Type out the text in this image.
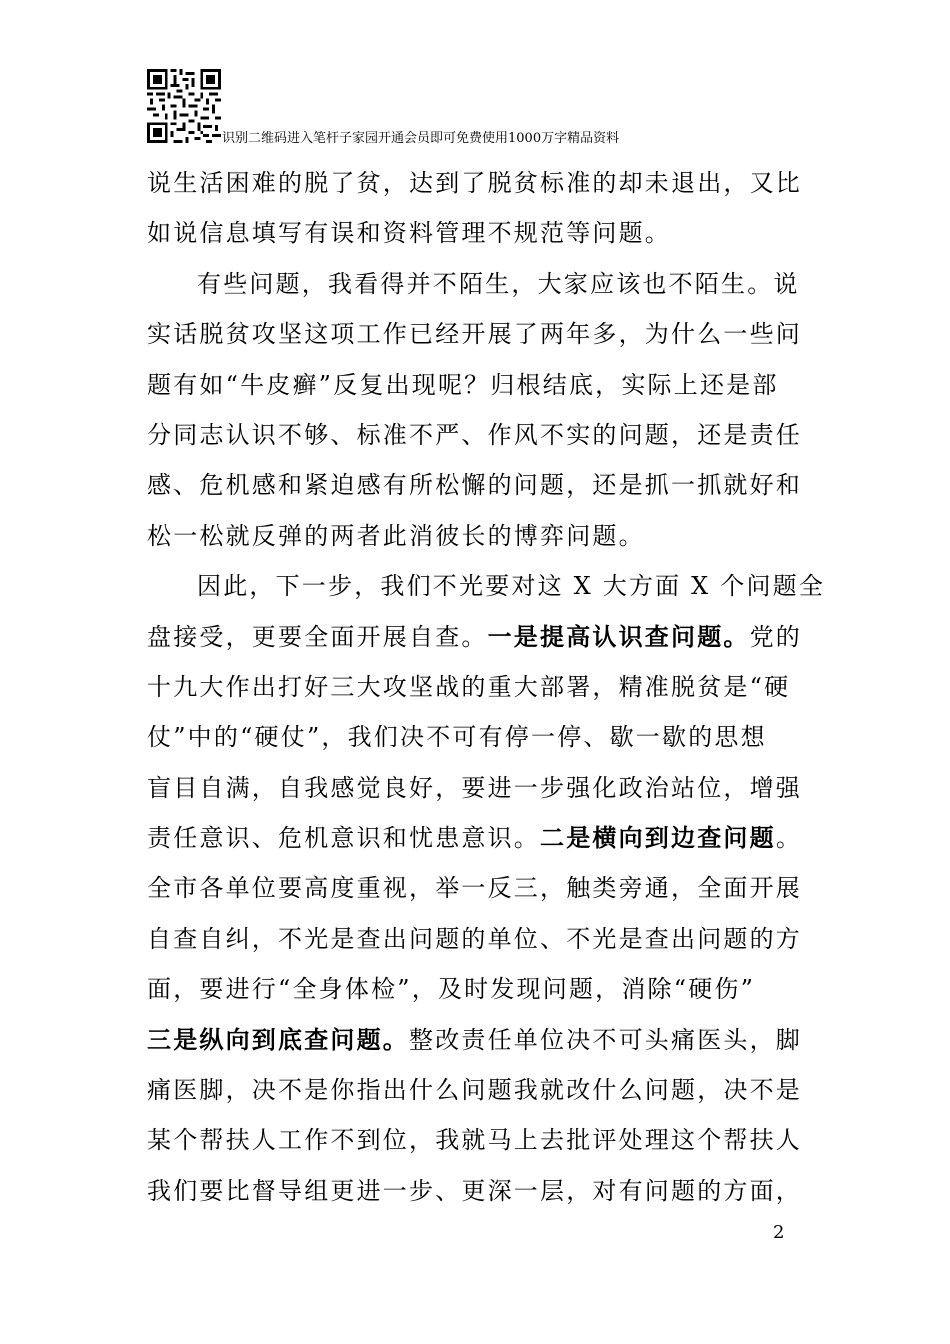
识别二维码进入笔杆子家园开通会员即可免费使用1000万字精品资料
说生活困难的脱了贫，达到了脱贫标准的却未退出，又比
如说信息填写有误和资料管理不规范等问题。
有些问题，我看得并不陌生，大家应该也不陌生。说
实话脱贫攻坚这项工作已经开展了两年多，为什么一些问
题有如“牛皮癣”反复出现呢？归根结底，实际上还是部
分同志认识不够、标准不严、作风不实的问题，还是责任
感、危机感和紧迫感有所松懈的问题，还是抓一抓就好和
松一松就反弹的两者此消彼长的博弈问题。
因此，下一步，我们不光要对这 X 大方面 X 个问题全
盘接受，更要全面开展自查。一是提高认识查问题。党的
十九大作出打好三大攻坚战的重大部署，精准脱贫是“硬
仗”中的“硬仗”，我们决不可有停一停、歇一歇的思想
盲目自满，自我感觉良好，要进一步强化政治站位，增强
责任意识、危机意识和忧患意识。二是横向到边查问题。
全市各单位要高度重视，举一反三，触类旁通，全面开展
自查自纠，不光是查出问题的单位、不光是查出问题的方
面，要进行“全身体检”，及时发现问题，消除“硬伤”
三是纵向到底查问题。整改责任单位决不可头痛医头，脚
痛医脚，决不是你指出什么问题我就改什么问题，决不是
某个帮扶人工作不到位，我就马上去批评处理这个帮扶人
我们要比督导组更进一步、更深一层，对有问题的方面，
2
